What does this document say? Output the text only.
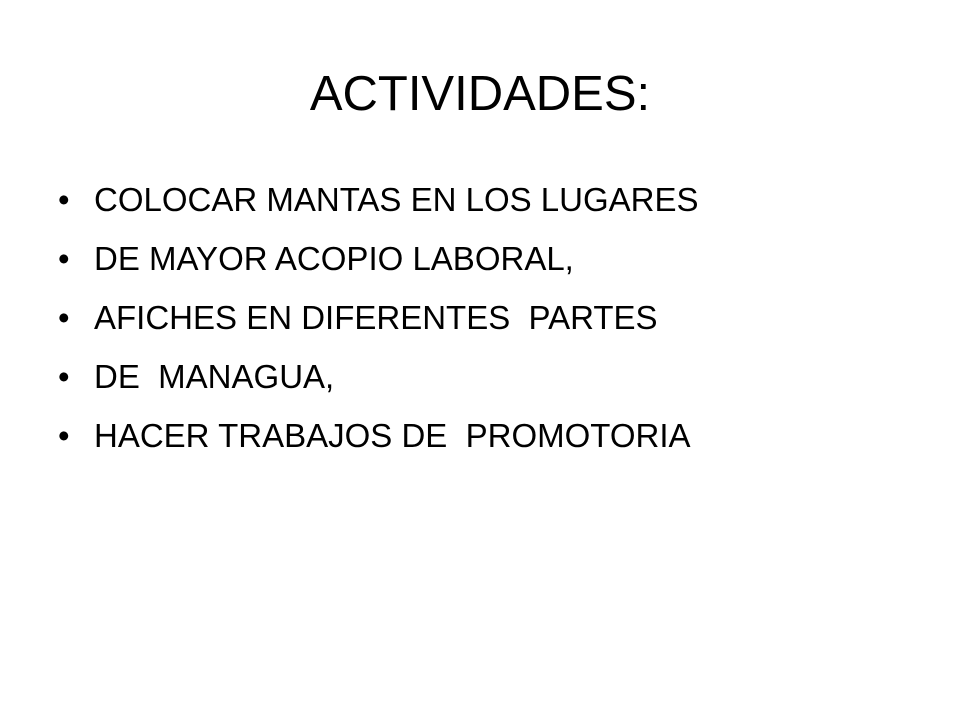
ACTIVIDADES:
• COLOCAR MANTAS EN LOS LUGARES
• DE MAYOR ACOPIO LABORAL,
• AFICHES EN DIFERENTES  PARTES
• DE  MANAGUA,
• HACER TRABAJOS DE  PROMOTORIA
